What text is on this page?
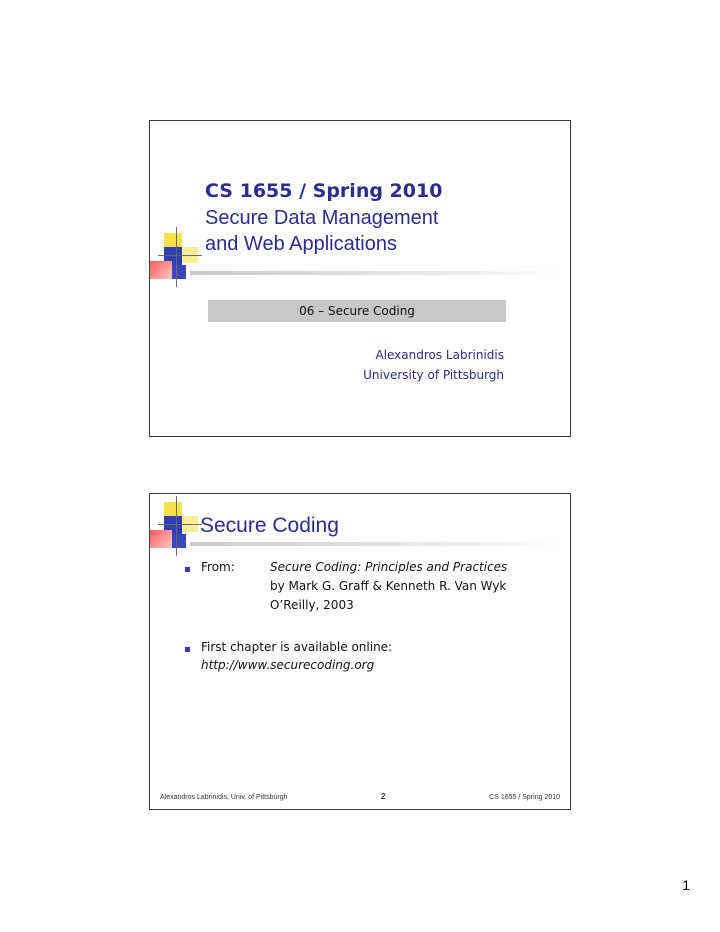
CS 1655 / Spring 2010
Secure Data Management
and Web Applications
06 – Secure Coding
Alexandros Labrinidis
University of Pittsburgh
Secure Coding
From:	Secure Coding: Principles and Practices
by Mark G. Graff & Kenneth R. Van Wyk
O’Reilly, 2003
First chapter is available online:
http://www.securecoding.org
Alexandros Labrinidis, Univ. of Pittsburgh	2	CS 1655 / Spring 2010
1
